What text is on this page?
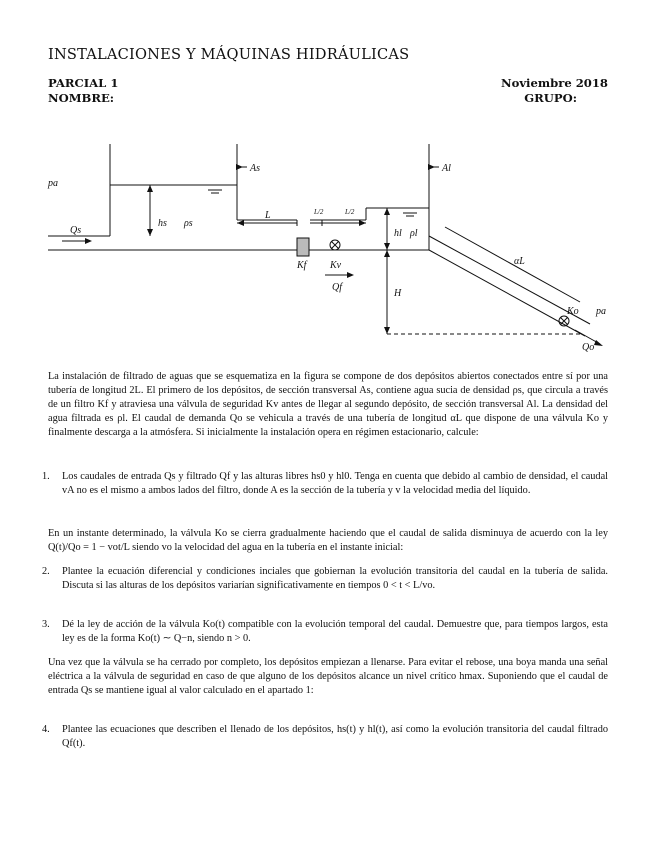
INSTALACIONES Y MÁQUINAS HIDRÁULICAS
PARCIAL 1	Noviembre 2018
NOMBRE:	GRUPO:
pa
Qs
hs ρs
As	Al
L	L/2	L/2
hl ρl
Kf Kv
Qf
H
αL
Ko pa
Qo
La instalación de filtrado de aguas que se esquematiza en la figura se compone de dos depósitos abiertos conectados entre sí por una tubería de longitud 2L. El primero de los depósitos, de sección transversal As, contiene agua sucia de densidad ρs, que circula a través de un filtro Kf y atraviesa una válvula de seguridad Kv antes de llegar al segundo depósito, de sección transversal Al. La densidad del agua filtrada es ρl. El caudal de demanda Qo se vehicula a través de una tubería de longitud αL que dispone de una válvula Ko y finalmente descarga a la atmósfera. Si inicialmente la instalación opera en régimen estacionario, calcule:
1. Los caudales de entrada Qs y filtrado Qf y las alturas libres hs0 y hl0. Tenga en cuenta que debido al cambio de densidad, el caudal vA no es el mismo a ambos lados del filtro, donde A es la sección de la tubería y v la velocidad media del líquido.
En un instante determinado, la válvula Ko se cierra gradualmente haciendo que el caudal de salida disminuya de acuerdo con la ley Q(t)/Qo = 1 − vot/L siendo vo la velocidad del agua en la tubería en el instante inicial:
2. Plantee la ecuación diferencial y condiciones inciales que gobiernan la evolución transitoria del caudal en la tubería de salida. Discuta si las alturas de los depósitos variarían significativamente en tiempos 0 < t < L/vo.
3. Dé la ley de acción de la válvula Ko(t) compatible con la evolución temporal del caudal. Demuestre que, para tiempos largos, esta ley es de la forma Ko(t) ∼ Q−n, siendo n > 0.
Una vez que la válvula se ha cerrado por completo, los depósitos empiezan a llenarse. Para evitar el rebose, una boya manda una señal eléctrica a la válvula de seguridad en caso de que alguno de los depósitos alcance un nivel crítico hmax. Suponiendo que el caudal de entrada Qs se mantiene igual al valor calculado en el apartado 1:
4. Plantee las ecuaciones que describen el llenado de los depósitos, hs(t) y hl(t), así como la evolución transitoria del caudal filtrado Qf(t).
